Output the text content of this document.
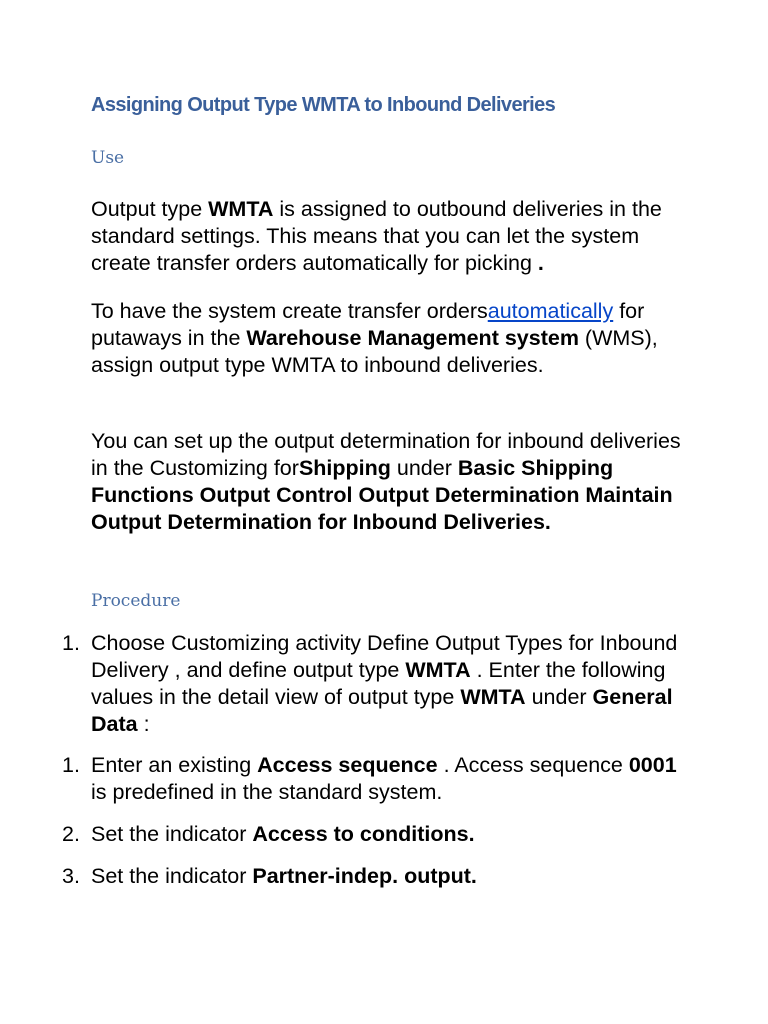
Assigning Output Type WMTA to Inbound Deliveries
Use

Output type WMTA is assigned to outbound deliveries in the standard settings. This means that you can let the system create transfer orders automatically for picking .

To have the system create transfer ordersautomatically for putaways in the Warehouse Management system (WMS), assign output type WMTA to inbound deliveries.

You can set up the output determination for inbound deliveries in the Customizing forShipping under Basic Shipping Functions Output Control Output Determination Maintain Output Determination for Inbound Deliveries.

Procedure
1. Choose Customizing activity Define Output Types for Inbound Delivery , and define output type WMTA . Enter the following values in the detail view of output type WMTA under General Data :
1. Enter an existing Access sequence . Access sequence 0001 is predefined in the standard system.
2. Set the indicator Access to conditions.
3. Set the indicator Partner-indep. output.
